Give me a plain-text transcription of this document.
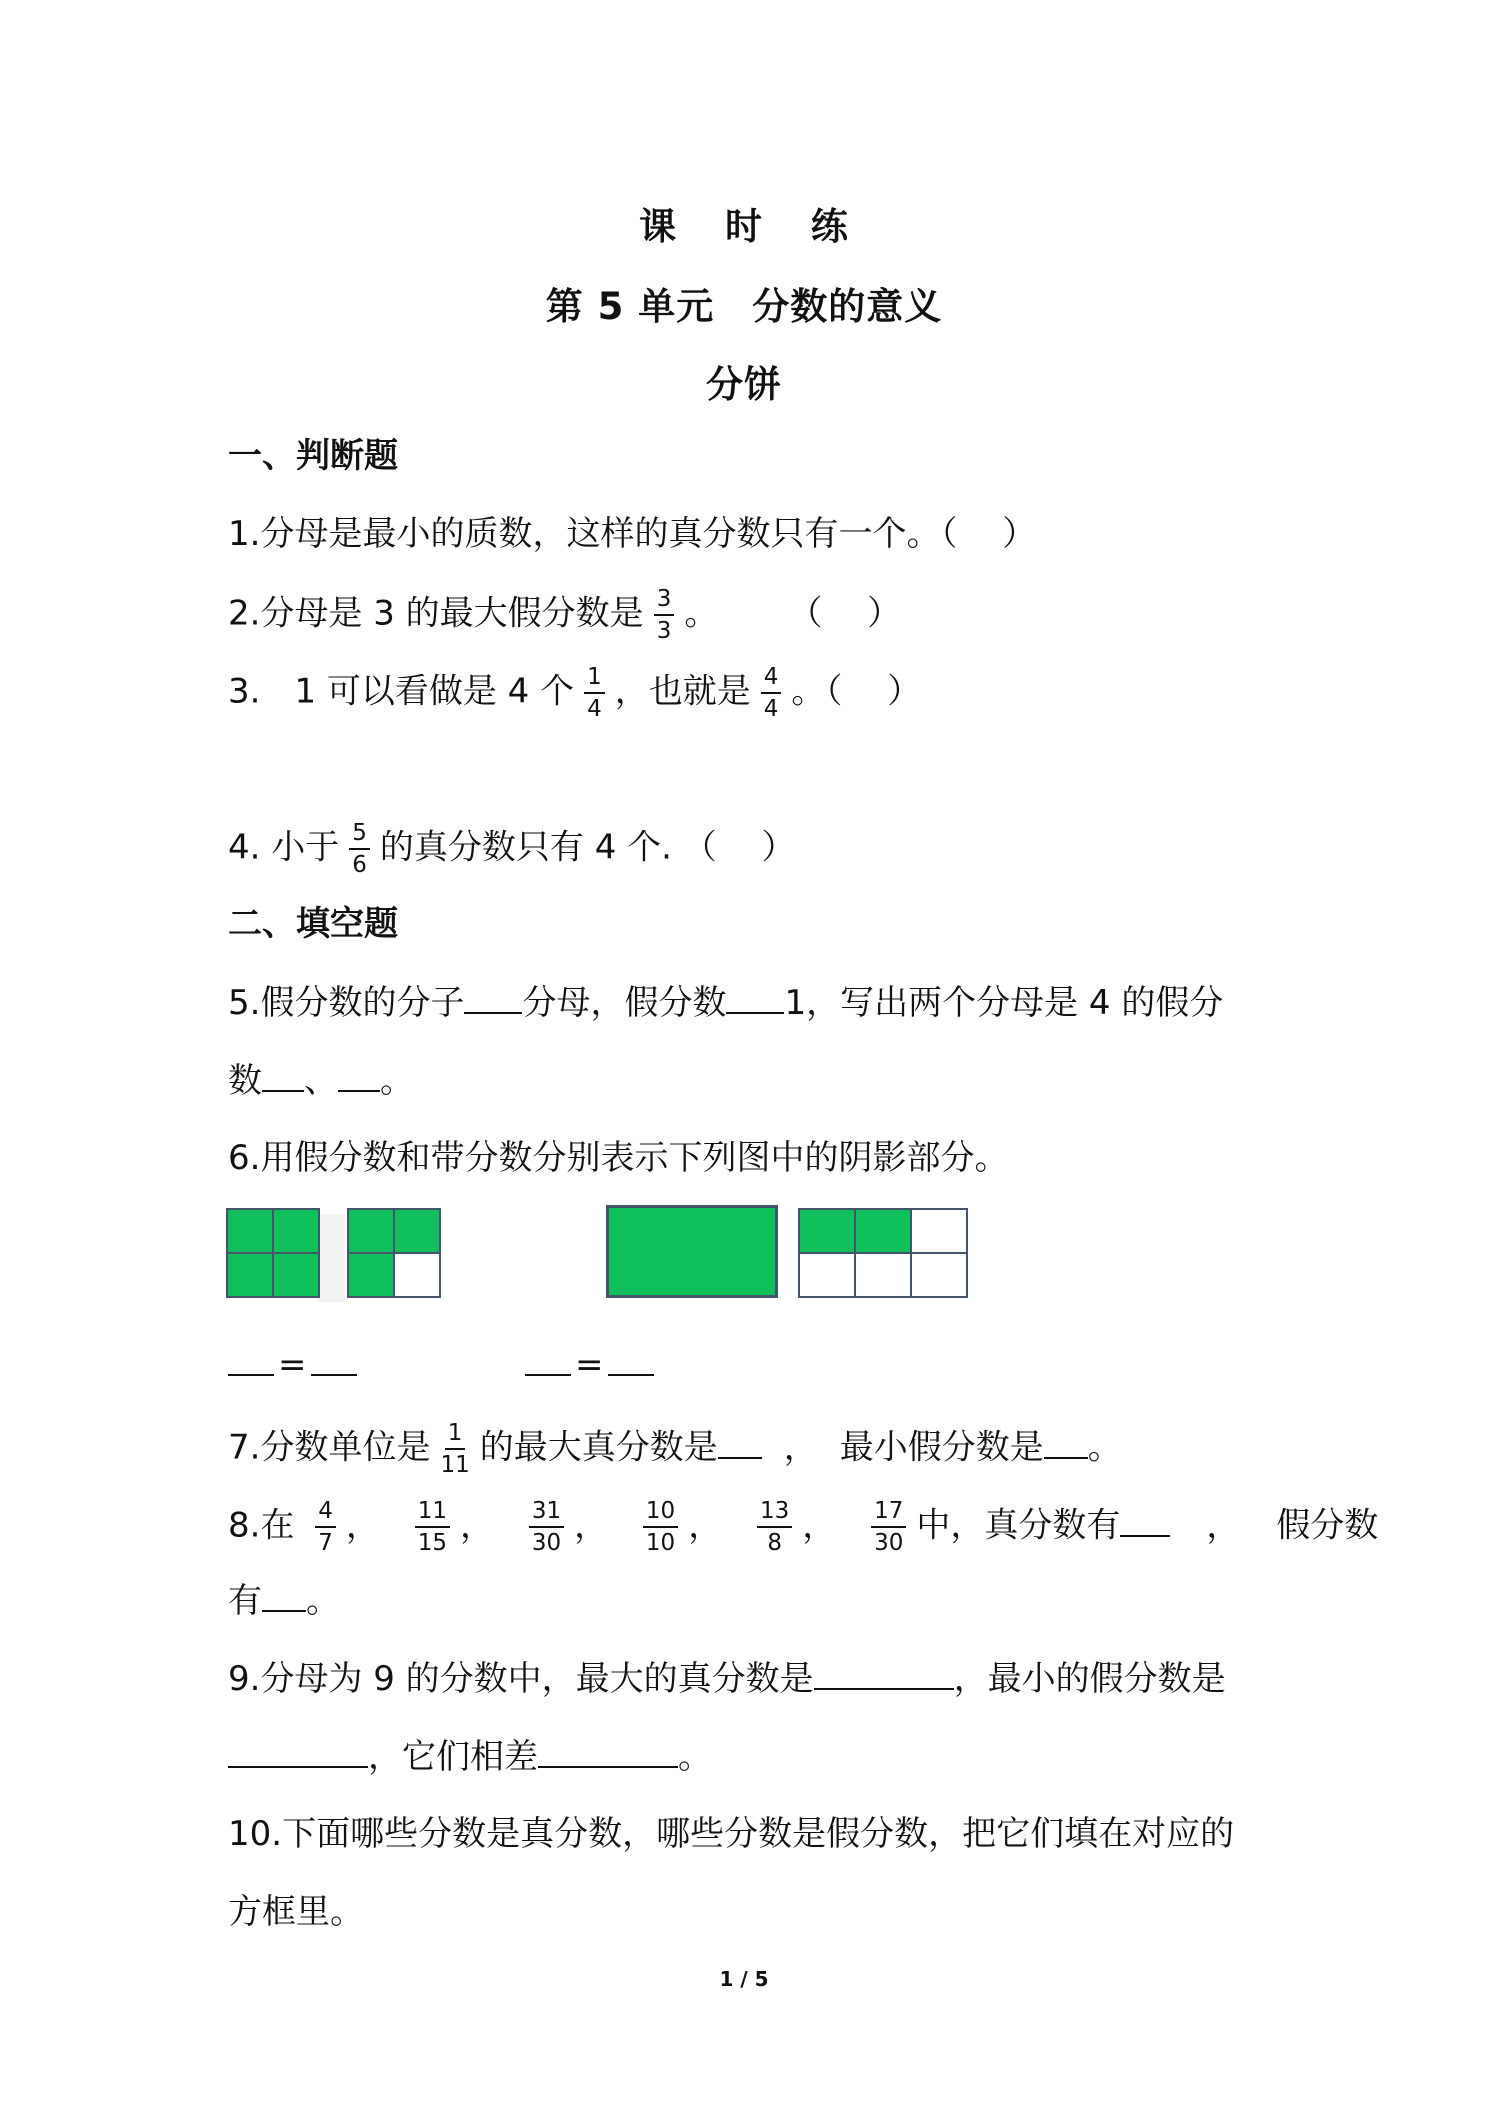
课 时 练
第 5 单元　分数的意义
分饼
一、判断题
1.分母是最小的质数，这样的真分数只有一个。（　 ）
2.分母是 3 的最大假分数是 $\frac{3}{3}$ 。 （　 ）
3.　1 可以看做是 4 个 $\frac{1}{4}$ ，也就是 $\frac{4}{4}$ 。（　 ）
4. 小于 $\frac{5}{6}$ 的真分数只有 4 个. （　 ）
二、填空题
5.假分数的分子 分母，假分数 1，写出两个分母是 4 的假分
数 、 。
6.用假分数和带分数分别表示下列图中的阴影部分。
=	=
7.分数单位是 $\frac{1}{11}$ 的最大真分数是 ， 最小假分数是 。
8.在 $\frac{4}{7}$ ， $\frac{11}{15}$ ， $\frac{31}{30}$ ， $\frac{10}{10}$ ， $\frac{13}{8}$ ， $\frac{17}{30}$ 中，真分数有	， 假分数
有 。
9.分母为 9 的分数中，最大的真分数是	，最小的假分数是
，它们相差	。
10.下面哪些分数是真分数，哪些分数是假分数，把它们填在对应的
方框里。
1 / 5
